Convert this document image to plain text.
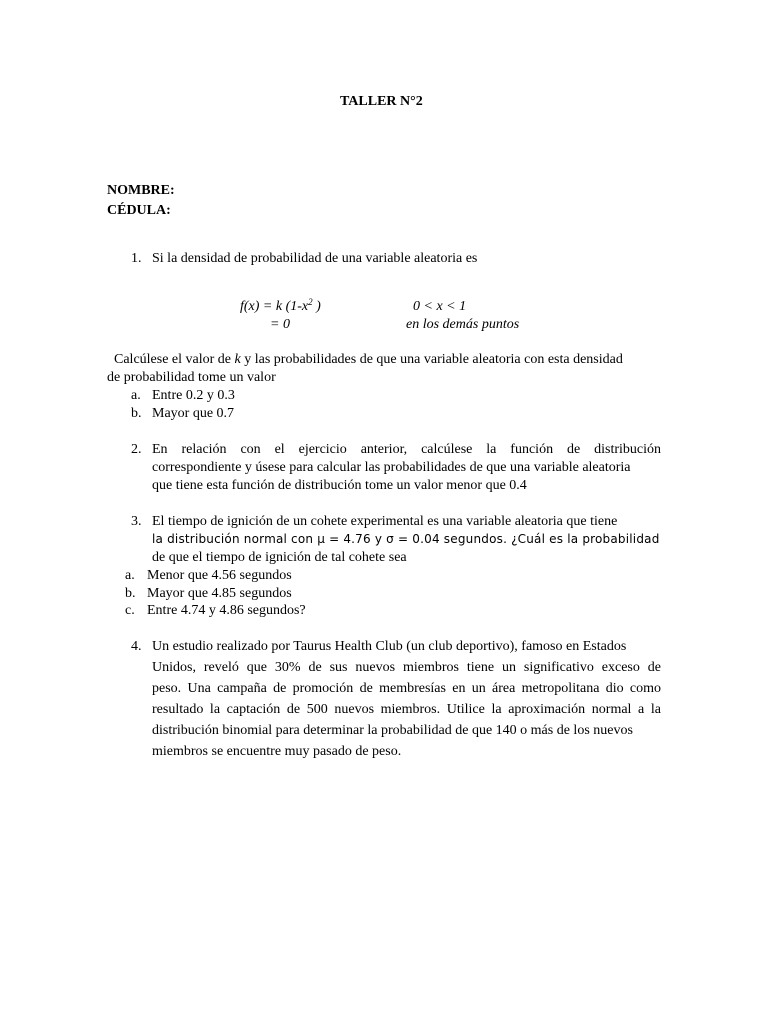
TALLER N°2
NOMBRE:
CÉDULA:
1. Si la densidad de probabilidad de una variable aleatoria es
f(x) = k ($1-x^2$ )
= 0
0 < x < 1
en los demás puntos
Calcúlese el valor de k y las probabilidades de que una variable aleatoria con esta densidad
de probabilidad tome un valor
a. Entre 0.2 y 0.3
b. Mayor que 0.7
2. En relación con el ejercicio anterior, calcúlese la función de distribución
correspondiente y úsese para calcular las probabilidades de que una variable aleatoria
que tiene esta función de distribución tome un valor menor que 0.4
3. El tiempo de ignición de un cohete experimental es una variable aleatoria que tiene
la distribución normal con μ = 4.76 y σ = 0.04 segundos. ¿Cuál es la probabilidad
de que el tiempo de ignición de tal cohete sea
a. Menor que 4.56 segundos
b. Mayor que 4.85 segundos
c. Entre 4.74 y 4.86 segundos?
4. Un estudio realizado por Taurus Health Club (un club deportivo), famoso en Estados
Unidos, reveló que 30% de sus nuevos miembros tiene un significativo exceso de
peso. Una campaña de promoción de membresías en un área metropolitana dio como
resultado la captación de 500 nuevos miembros. Utilice la aproximación normal a la
distribución binomial para determinar la probabilidad de que 140 o más de los nuevos
miembros se encuentre muy pasado de peso.
